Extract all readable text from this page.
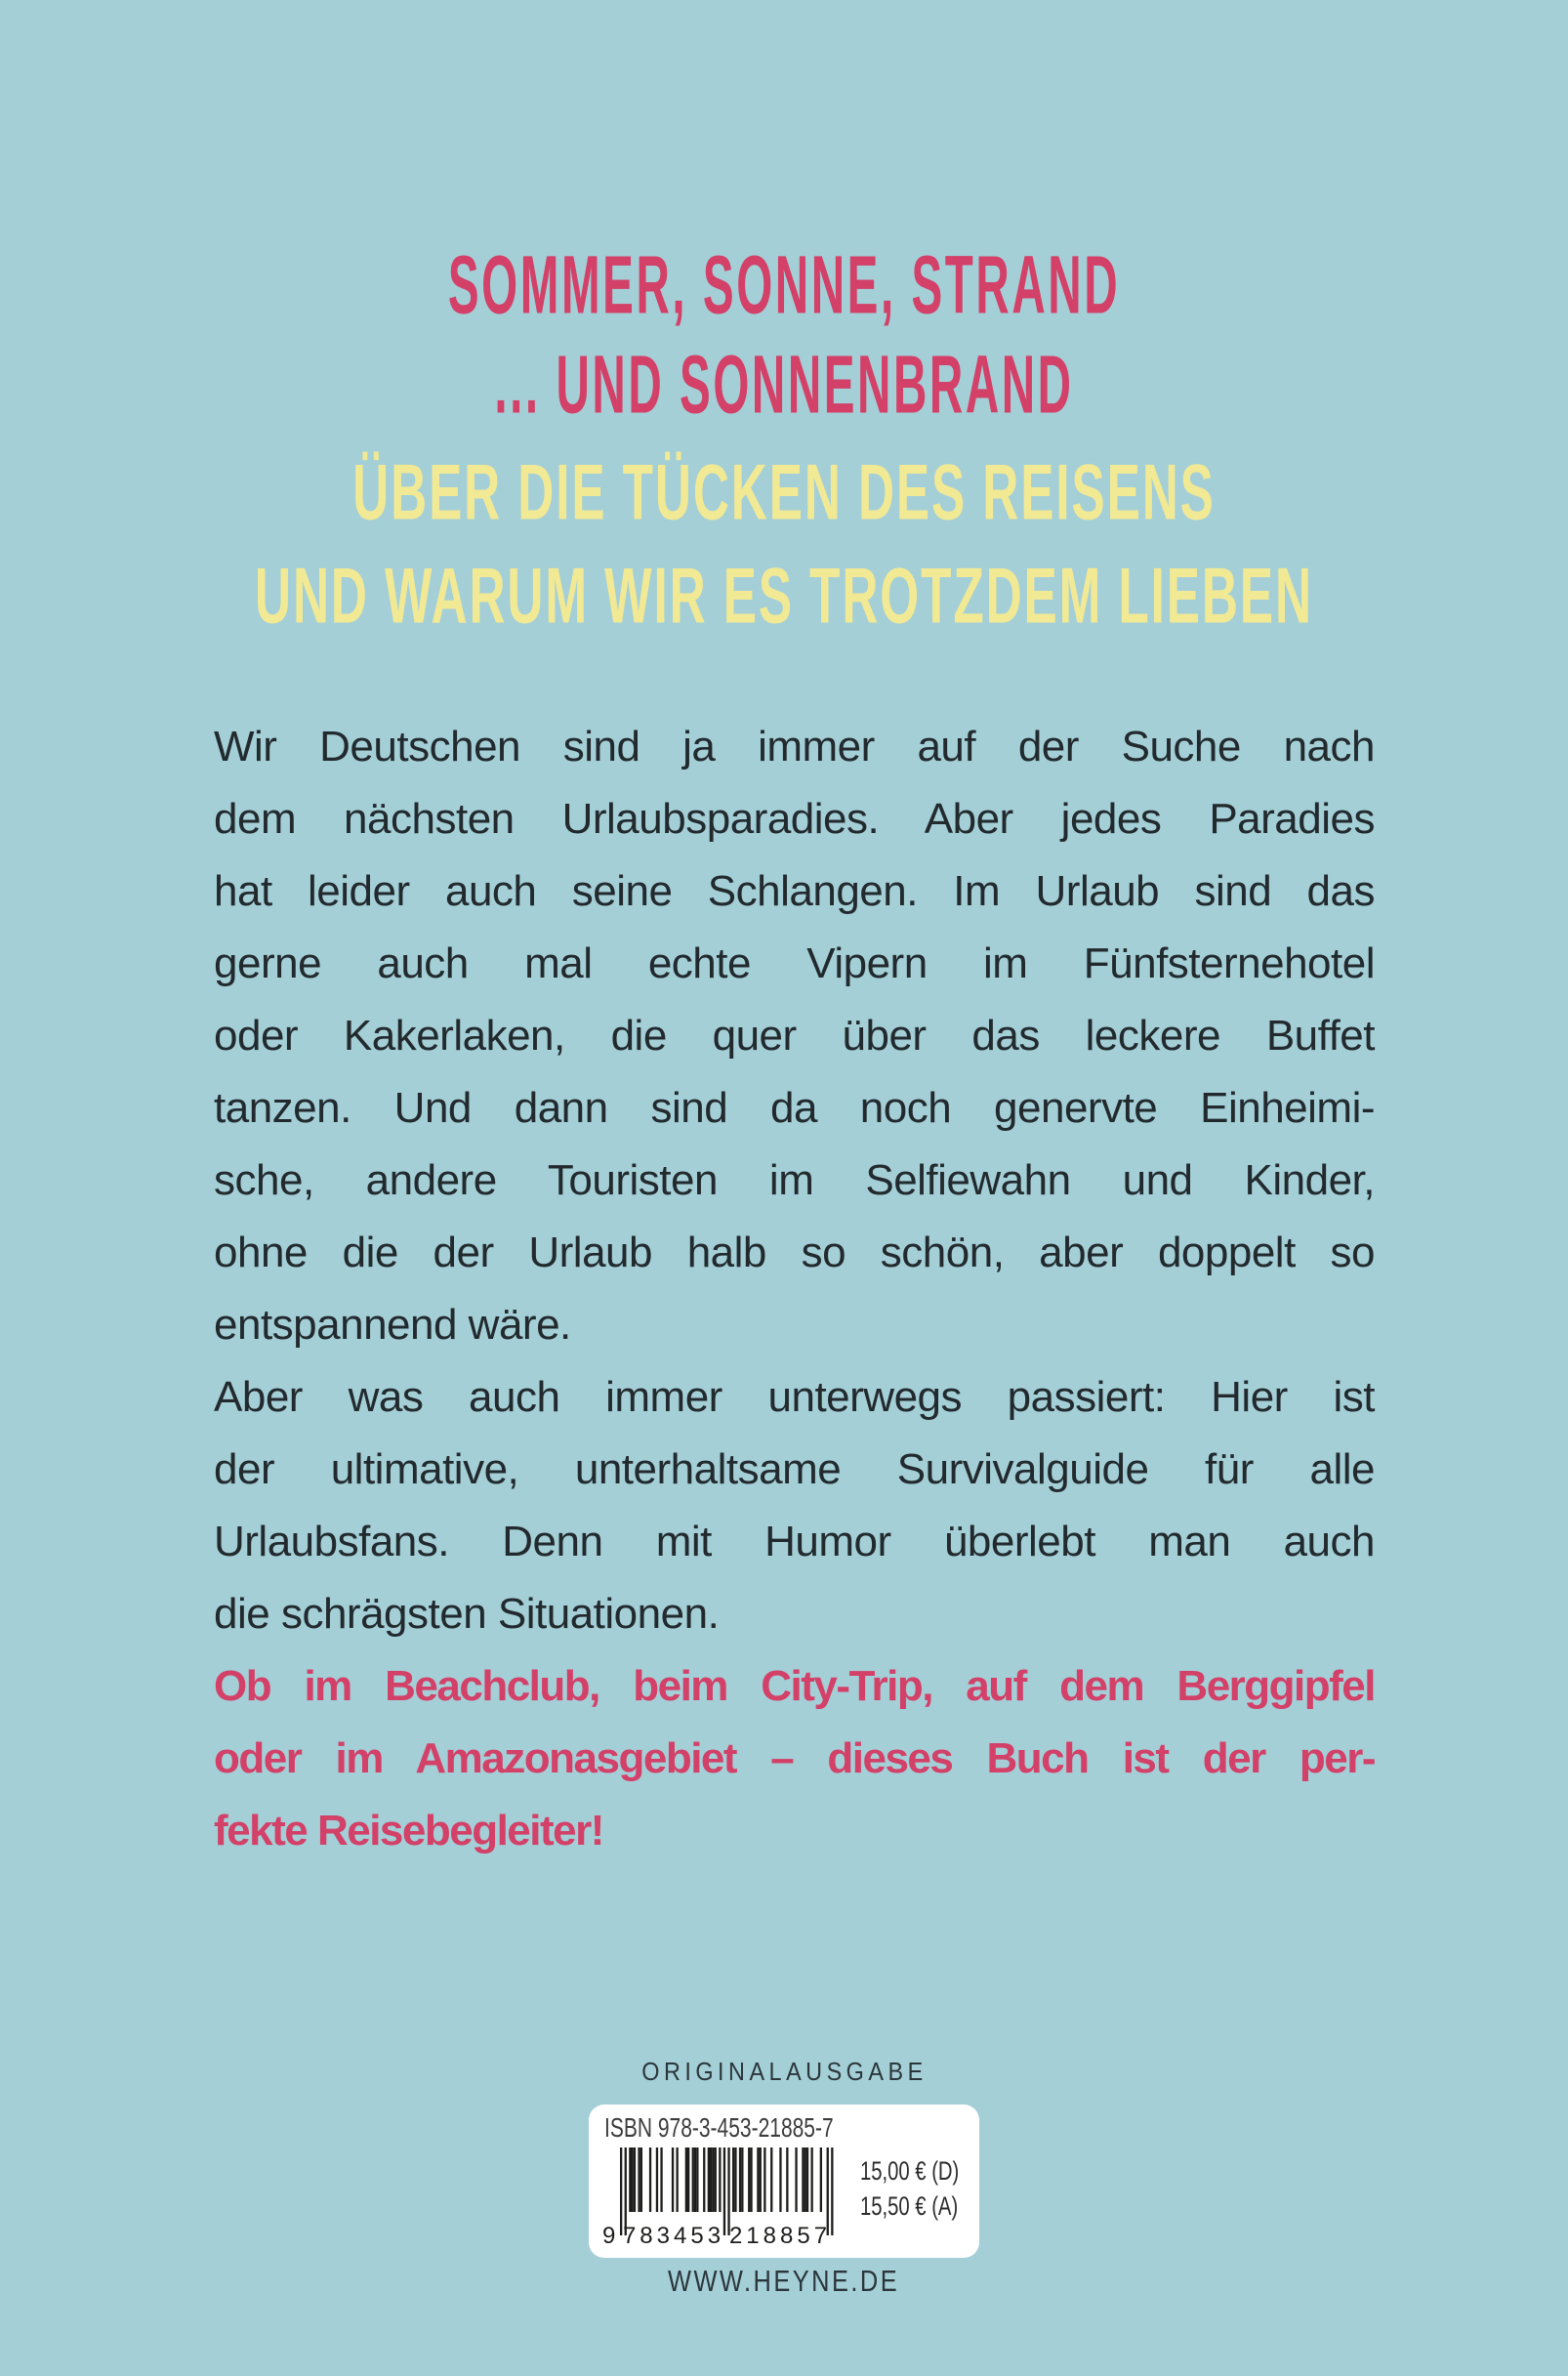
SOMMER, SONNE, STRAND
... UND SONNENBRAND
ÜBER DIE TÜCKEN DES REISENS
UND WARUM WIR ES TROTZDEM LIEBEN
Wir Deutschen sind ja immer auf der Suche nach
dem nächsten Urlaubsparadies. Aber jedes Paradies
hat leider auch seine Schlangen. Im Urlaub sind das
gerne auch mal echte Vipern im Fünfsternehotel
oder Kakerlaken, die quer über das leckere Buffet
tanzen. Und dann sind da noch genervte Einheimi-
sche, andere Touristen im Selfiewahn und Kinder,
ohne die der Urlaub halb so schön, aber doppelt so
entspannend wäre.
Aber was auch immer unterwegs passiert: Hier ist
der ultimative, unterhaltsame Survivalguide für alle
Urlaubsfans. Denn mit Humor überlebt man auch
die schrägsten Situationen.
Ob im Beachclub, beim City-Trip, auf dem Berggipfel
oder im Amazonasgebiet – dieses Buch ist der per-
fekte Reisebegleiter!
ORIGINALAUSGABE
ISBN 978-3-453-21885-7
9 783453 218857
15,00 € (D)
15,50 € (A)
WWW.HEYNE.DE
